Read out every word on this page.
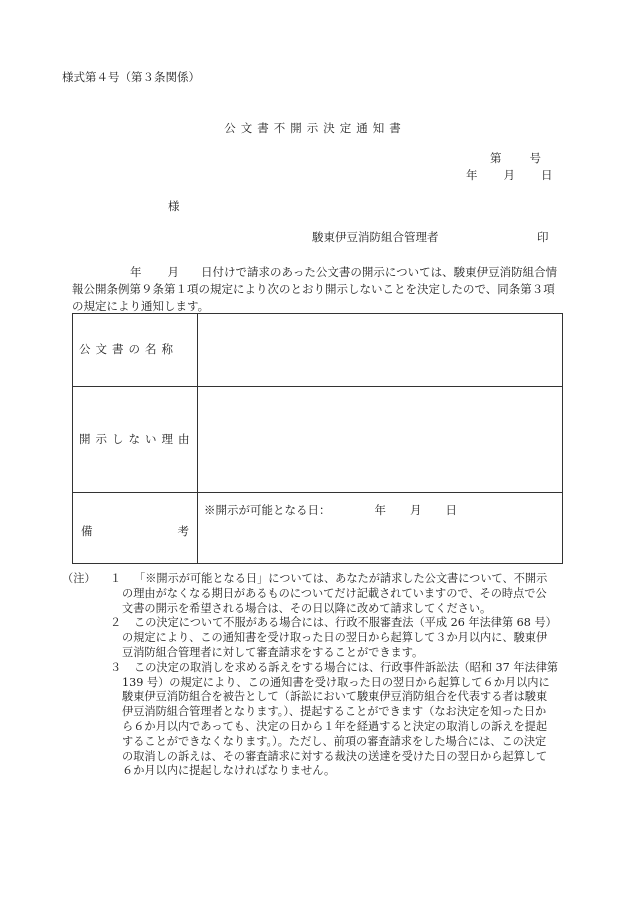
様式第４号（第３条関係）
公文書不開示決定通知書
第 号
年 月 日
様
駿東伊豆消防組合管理者	印
年 月 日付けで請求のあった公文書の開示については、駿東伊豆消防組合情
報公開条例第９条第１項の規定により次のとおり開示しないことを決定したので、同条第３項
の規定により通知します。
公文書の名称	
開示しない理由	

備 考	※開示が可能となる日： 年 月 日
（注） １	「※開示が可能となる日」については、あなたが請求した公文書について、不開示
の理由がなくなる期日があるものについてだけ記載されていますので、その時点で公
文書の開示を希望される場合は、その日以降に改めて請求してください。
２	この決定について不服がある場合には、行政不服審査法（平成 26 年法律第 68 号）
の規定により、この通知書を受け取った日の翌日から起算して３か月以内に、駿東伊
豆消防組合管理者に対して審査請求をすることができます。
３	この決定の取消しを求める訴えをする場合には、行政事件訴訟法（昭和 37 年法律第
139 号）の規定により、この通知書を受け取った日の翌日から起算して６か月以内に
駿東伊豆消防組合を被告として（訴訟において駿東伊豆消防組合を代表する者は駿東
伊豆消防組合管理者となります。）、提起することができます（なお決定を知った日か
ら６か月以内であっても、決定の日から１年を経過すると決定の取消しの訴えを提起
することができなくなります。）。ただし、前項の審査請求をした場合には、この決定
の取消しの訴えは、その審査請求に対する裁決の送達を受けた日の翌日から起算して
６か月以内に提起しなければなりません。
